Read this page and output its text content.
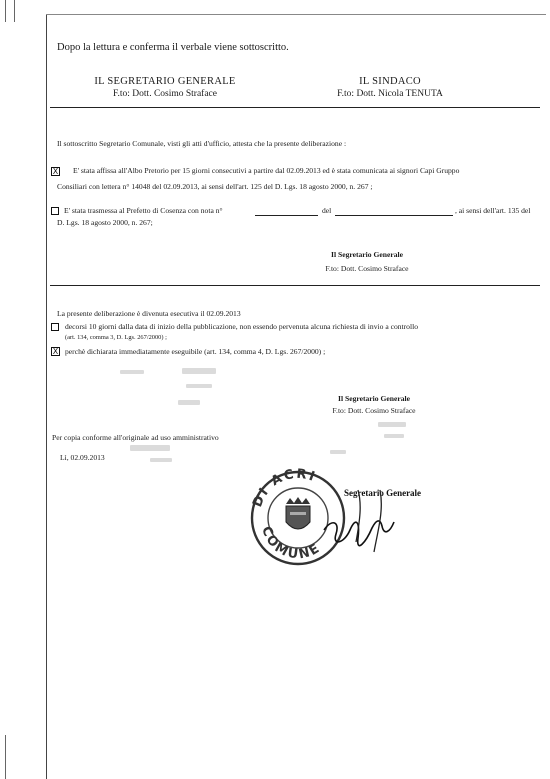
Dopo la lettura e conferma il verbale viene sottoscritto.
IL SEGRETARIO GENERALE
F.to: Dott. Cosimo Straface
IL SINDACO
F.to: Dott. Nicola TENUTA
Il sottoscritto Segretario Comunale, visti gli atti d'ufficio, attesta che la presente deliberazione :
X E' stata affissa all'Albo Pretorio per 15 giorni consecutivi a partire dal 02.09.2013 ed è stata comunicata ai signori Capi Gruppo
Consiliari con lettera n° 14048 del 02.09.2013, ai sensi dell'art. 125 del D. Lgs. 18 agosto 2000, n. 267 ;
E' stata trasmessa al Prefetto di Cosenza con nota n°	del	, ai sensi dell'art. 135 del
D. Lgs. 18 agosto 2000, n. 267;
Il Segretario Generale
F.to: Dott. Cosimo Straface
La presente deliberazione è divenuta esecutiva il 02.09.2013
decorsi 10 giorni dalla data di inizio della pubblicazione, non essendo pervenuta alcuna richiesta di invio a controllo
(art. 134, comma 3, D. Lgs. 267/2000) ;
X perchè dichiarata immediatamente eseguibile (art. 134, comma 4, D. Lgs. 267/2000) ;
Il Segretario Generale
F.to: Dott. Cosimo Straface
Per copia conforme all'originale ad uso amministrativo
Lì, 02.09.2013
DI ACRI
COMUNE
Segretario Generale
